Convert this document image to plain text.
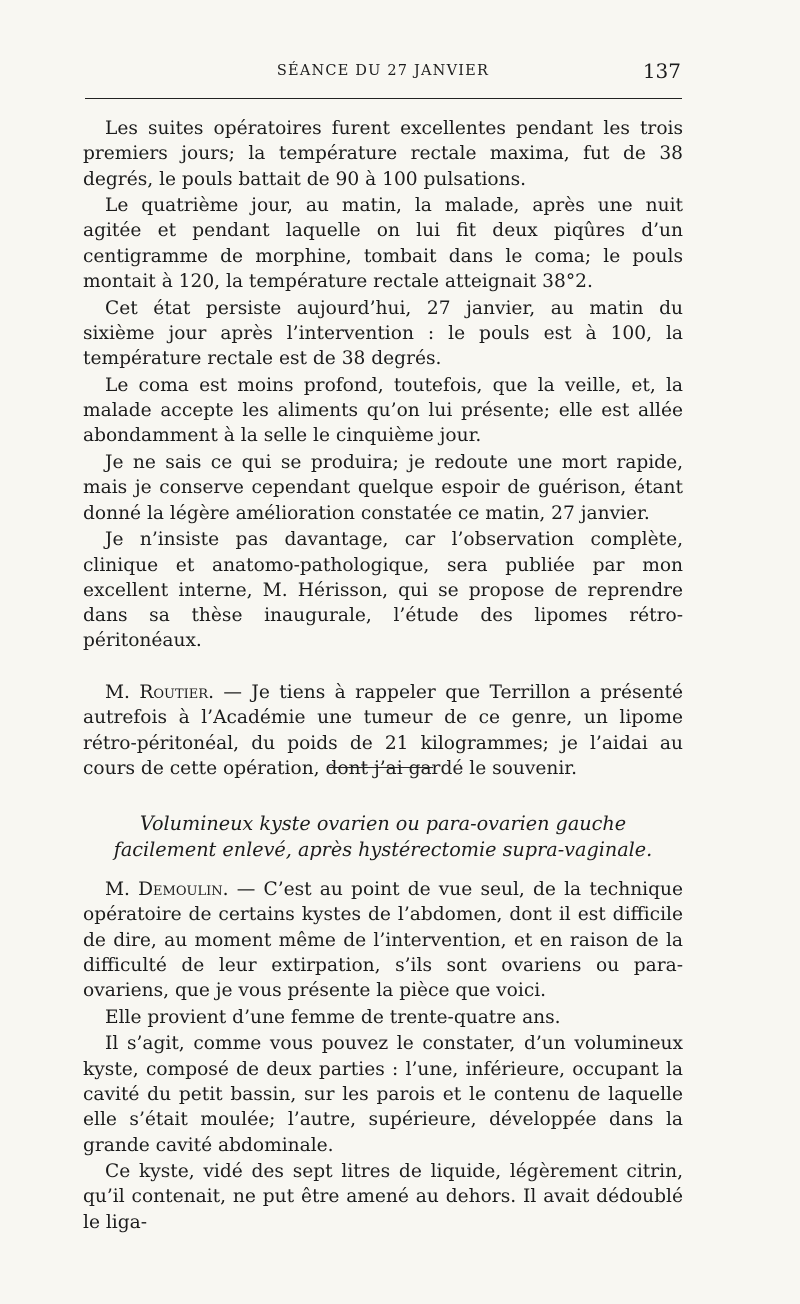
SÉANCE DU 27 JANVIER	137

Les suites opératoires furent excellentes pendant les trois premiers jours; la température rectale maxima, fut de 38 degrés, le pouls battait de 90 à 100 pulsations.

Le quatrième jour, au matin, la malade, après une nuit agitée et pendant laquelle on lui fit deux piqûres d’un centigramme de morphine, tombait dans le coma; le pouls montait à 120, la température rectale atteignait 38°2.

Cet état persiste aujourd’hui, 27 janvier, au matin du sixième jour après l’intervention : le pouls est à 100, la température rectale est de 38 degrés.

Le coma est moins profond, toutefois, que la veille, et, la malade accepte les aliments qu’on lui présente; elle est allée abondamment à la selle le cinquième jour.

Je ne sais ce qui se produira; je redoute une mort rapide, mais je conserve cependant quelque espoir de guérison, étant donné la légère amélioration constatée ce matin, 27 janvier.

Je n’insiste pas davantage, car l’observation complète, clinique et anatomo-pathologique, sera publiée par mon excellent interne, M. Hérisson, qui se propose de reprendre dans sa thèse inaugurale, l’étude des lipomes rétro-péritonéaux.

M. Routier. — Je tiens à rappeler que Terrillon a présenté autrefois à l’Académie une tumeur de ce genre, un lipome rétro-péritonéal, du poids de 21 kilogrammes; je l’aidai au cours de cette opération, dont j’ai gardé le souvenir.

Volumineux kyste ovarien ou para-ovarien gauche
facilement enlevé, après hystérectomie supra-vaginale.

M. Demoulin. — C’est au point de vue seul, de la technique opératoire de certains kystes de l’abdomen, dont il est difficile de dire, au moment même de l’intervention, et en raison de la difficulté de leur extirpation, s’ils sont ovariens ou para-ovariens, que je vous présente la pièce que voici.

Elle provient d’une femme de trente-quatre ans.

Il s’agit, comme vous pouvez le constater, d’un volumineux kyste, composé de deux parties : l’une, inférieure, occupant la cavité du petit bassin, sur les parois et le contenu de laquelle elle s’était moulée; l’autre, supérieure, développée dans la grande cavité abdominale.

Ce kyste, vidé des sept litres de liquide, légèrement citrin, qu’il contenait, ne put être amené au dehors. Il avait dédoublé le liga-
